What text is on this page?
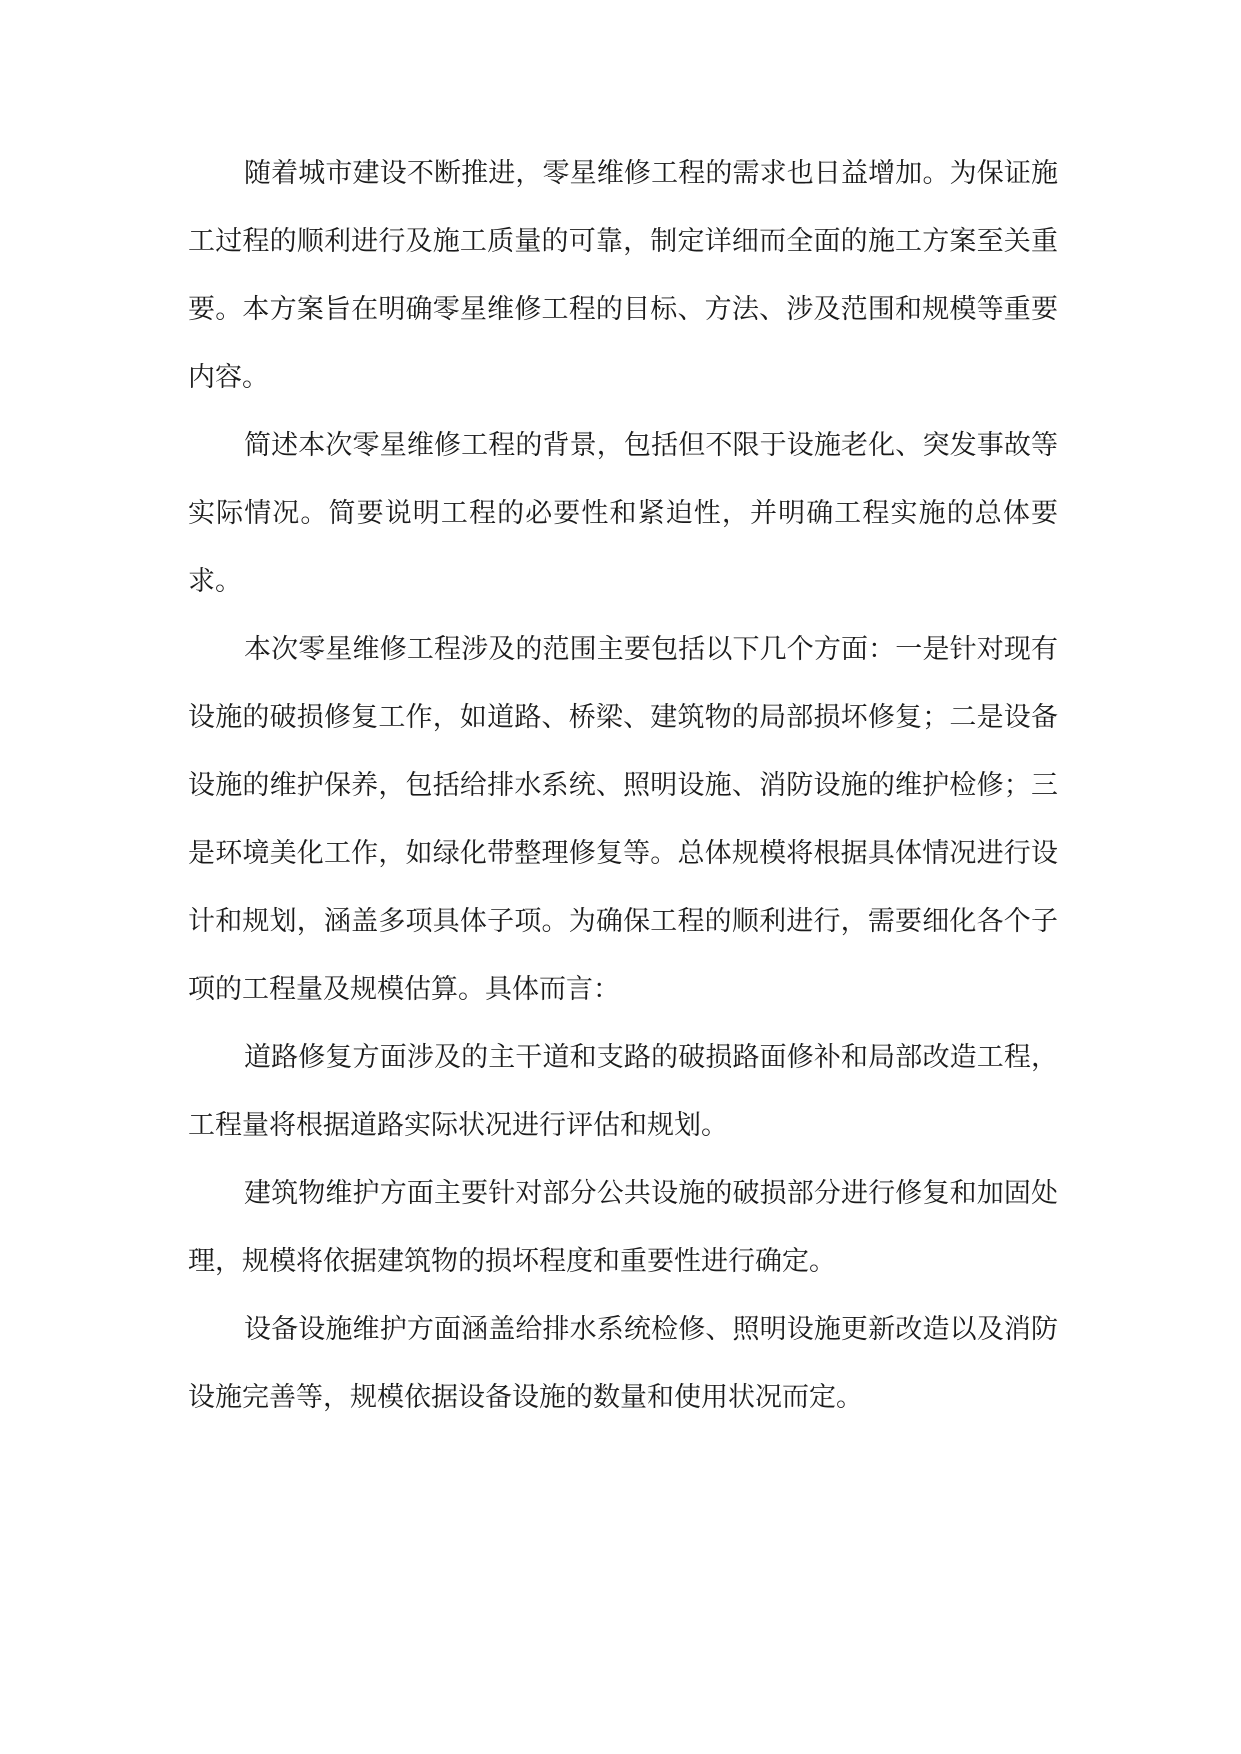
随着城市建设不断推进，零星维修工程的需求也日益增加。为保证施工过程的顺利进行及施工质量的可靠，制定详细而全面的施工方案至关重要。本方案旨在明确零星维修工程的目标、方法、涉及范围和规模等重要内容。

简述本次零星维修工程的背景，包括但不限于设施老化、突发事故等实际情况。简要说明工程的必要性和紧迫性，并明确工程实施的总体要求。

本次零星维修工程涉及的范围主要包括以下几个方面：一是针对现有设施的破损修复工作，如道路、桥梁、建筑物的局部损坏修复；二是设备设施的维护保养，包括给排水系统、照明设施、消防设施的维护检修；三是环境美化工作，如绿化带整理修复等。总体规模将根据具体情况进行设计和规划，涵盖多项具体子项。为确保工程的顺利进行，需要细化各个子项的工程量及规模估算。具体而言：

道路修复方面涉及的主干道和支路的破损路面修补和局部改造工程，工程量将根据道路实际状况进行评估和规划。

建筑物维护方面主要针对部分公共设施的破损部分进行修复和加固处理，规模将依据建筑物的损坏程度和重要性进行确定。

设备设施维护方面涵盖给排水系统检修、照明设施更新改造以及消防设施完善等，规模依据设备设施的数量和使用状况而定。
